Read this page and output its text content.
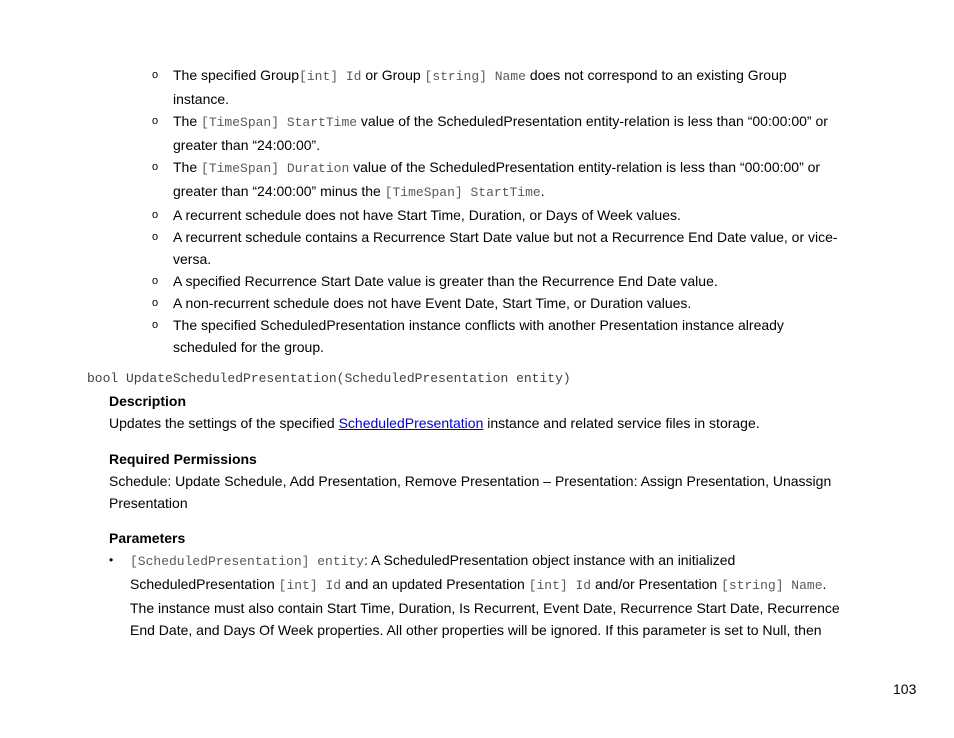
o The specified Group[int] Id or Group [string] Name does not correspond to an existing Group
instance.
o The [TimeSpan] StartTime value of the ScheduledPresentation entity-relation is less than “00:00:00” or
greater than “24:00:00”.
o The [TimeSpan] Duration value of the ScheduledPresentation entity-relation is less than “00:00:00” or
greater than “24:00:00” minus the [TimeSpan] StartTime.
o A recurrent schedule does not have Start Time, Duration, or Days of Week values.
o A recurrent schedule contains a Recurrence Start Date value but not a Recurrence End Date value, or vice-
versa.
o A specified Recurrence Start Date value is greater than the Recurrence End Date value.
o A non-recurrent schedule does not have Event Date, Start Time, or Duration values.
o The specified ScheduledPresentation instance conflicts with another Presentation instance already
scheduled for the group.
bool UpdateScheduledPresentation(ScheduledPresentation entity)
Description
Updates the settings of the specified ScheduledPresentation instance and related service files in storage.
Required Permissions
Schedule: Update Schedule, Add Presentation, Remove Presentation – Presentation: Assign Presentation, Unassign
Presentation
Parameters
• [ScheduledPresentation] entity: A ScheduledPresentation object instance with an initialized
ScheduledPresentation [int] Id and an updated Presentation [int] Id and/or Presentation [string] Name.
The instance must also contain Start Time, Duration, Is Recurrent, Event Date, Recurrence Start Date, Recurrence
End Date, and Days Of Week properties. All other properties will be ignored. If this parameter is set to Null, then
103
